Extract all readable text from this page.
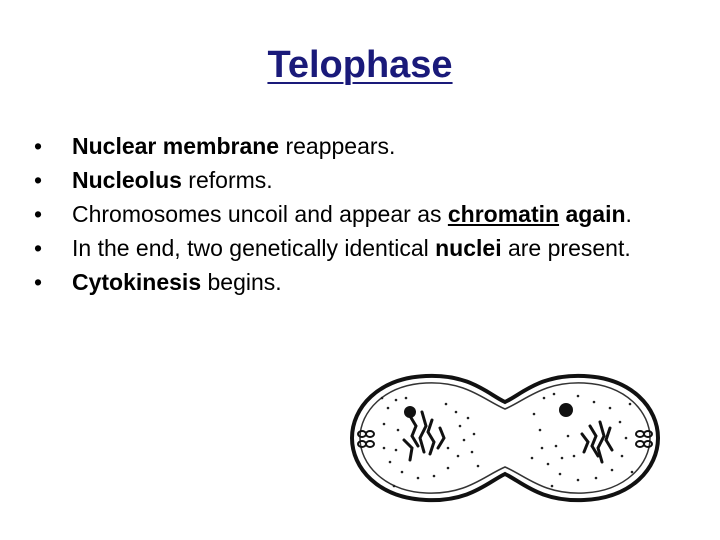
Telophase
• Nuclear membrane reappears.
• Nucleolus reforms.
• Chromosomes uncoil and appear as chromatin again.
• In the end, two genetically identical nuclei are present.
• Cytokinesis begins.
